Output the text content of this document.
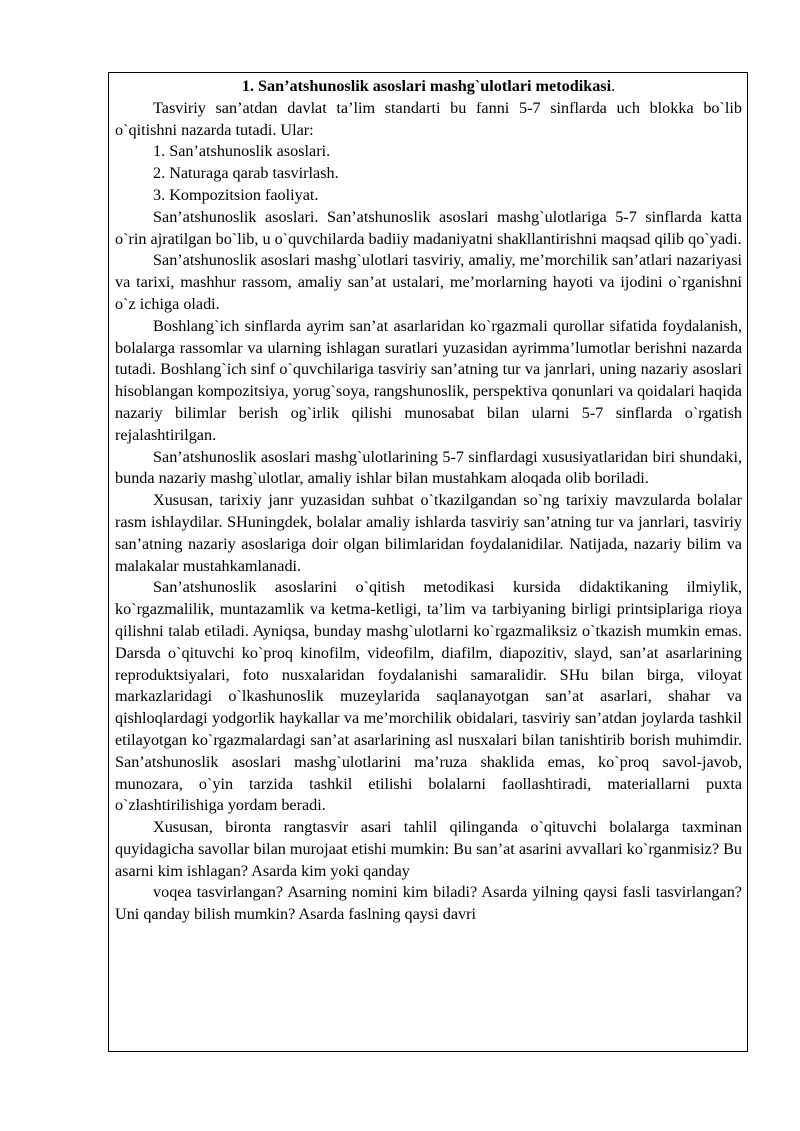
1. San’atshunoslik asoslari mashg`ulotlari metodikasi.

Tasviriy san’atdan davlat ta’lim standarti bu fanni 5-7 sinflarda uch blokka bo`lib o`qitishni nazarda tutadi. Ular:

1. San’atshunoslik asoslari.

2. Naturaga qarab tasvirlash.

3. Kompozitsion faoliyat.

San’atshunoslik asoslari. San’atshunoslik asoslari mashg`ulotlariga 5-7 sinflarda katta o`rin ajratilgan bo`lib, u o`quvchilarda badiiy madaniyatni shakllantirishni maqsad qilib qo`yadi.

San’atshunoslik asoslari mashg`ulotlari tasviriy, amaliy, me’morchilik san’atlari nazariyasi va tarixi, mashhur rassom, amaliy san’at ustalari, me’morlarning hayoti va ijodini o`rganishni o`z ichiga oladi.

Boshlang`ich sinflarda ayrim san’at asarlaridan ko`rgazmali qurollar sifatida foydalanish, bolalarga rassomlar va ularning ishlagan suratlari yuzasidan ayrimma’lumotlar berishni nazarda tutadi. Boshlang`ich sinf o`quvchilariga tasviriy san’atning tur va janrlari, uning nazariy asoslari hisoblangan kompozitsiya, yorug`soya, rangshunoslik, perspektiva qonunlari va qoidalari haqida nazariy bilimlar berish og`irlik qilishi munosabat bilan ularni 5-7 sinflarda o`rgatish rejalashtirilgan.

San’atshunoslik asoslari mashg`ulotlarining 5-7 sinflardagi xususiyatlaridan biri shundaki, bunda nazariy mashg`ulotlar, amaliy ishlar bilan mustahkam aloqada olib boriladi.

Xususan, tarixiy janr yuzasidan suhbat o`tkazilgandan so`ng tarixiy mavzularda bolalar rasm ishlaydilar. SHuningdek, bolalar amaliy ishlarda tasviriy san’atning tur va janrlari, tasviriy san’atning nazariy asoslariga doir olgan bilimlaridan foydalanidilar. Natijada, nazariy bilim va malakalar mustahkamlanadi.

San’atshunoslik asoslarini o`qitish metodikasi kursida didaktikaning ilmiylik, ko`rgazmalilik, muntazamlik va ketma-ketligi, ta’lim va tarbiyaning birligi printsiplariga rioya qilishni talab etiladi. Ayniqsa, bunday mashg`ulotlarni ko`rgazmaliksiz o`tkazish mumkin emas. Darsda o`qituvchi ko`proq kinofilm, videofilm, diafilm, diapozitiv, slayd, san’at asarlarining reproduktsiyalari, foto nusxalaridan foydalanishi samaralidir. SHu bilan birga, viloyat markazlaridagi o`lkashunoslik muzeylarida saqlanayotgan san’at asarlari, shahar va qishloqlardagi yodgorlik haykallar va me’morchilik obidalari, tasviriy san’atdan joylarda tashkil etilayotgan ko`rgazmalardagi san’at asarlarining asl nusxalari bilan tanishtirib borish muhimdir. San’atshunoslik asoslari mashg`ulotlarini ma’ruza shaklida emas, ko`proq savol-javob, munozara, o`yin tarzida tashkil etilishi bolalarni faollashtiradi, materiallarni puxta o`zlashtirilishiga yordam beradi.

Xususan, bironta rangtasvir asari tahlil qilinganda o`qituvchi bolalarga taxminan quyidagicha savollar bilan murojaat etishi mumkin: Bu san’at asarini avvallari ko`rganmisiz? Bu asarni kim ishlagan? Asarda kim yoki qanday

voqea tasvirlangan? Asarning nomini kim biladi? Asarda yilning qaysi fasli tasvirlangan? Uni qanday bilish mumkin? Asarda faslning qaysi davri
